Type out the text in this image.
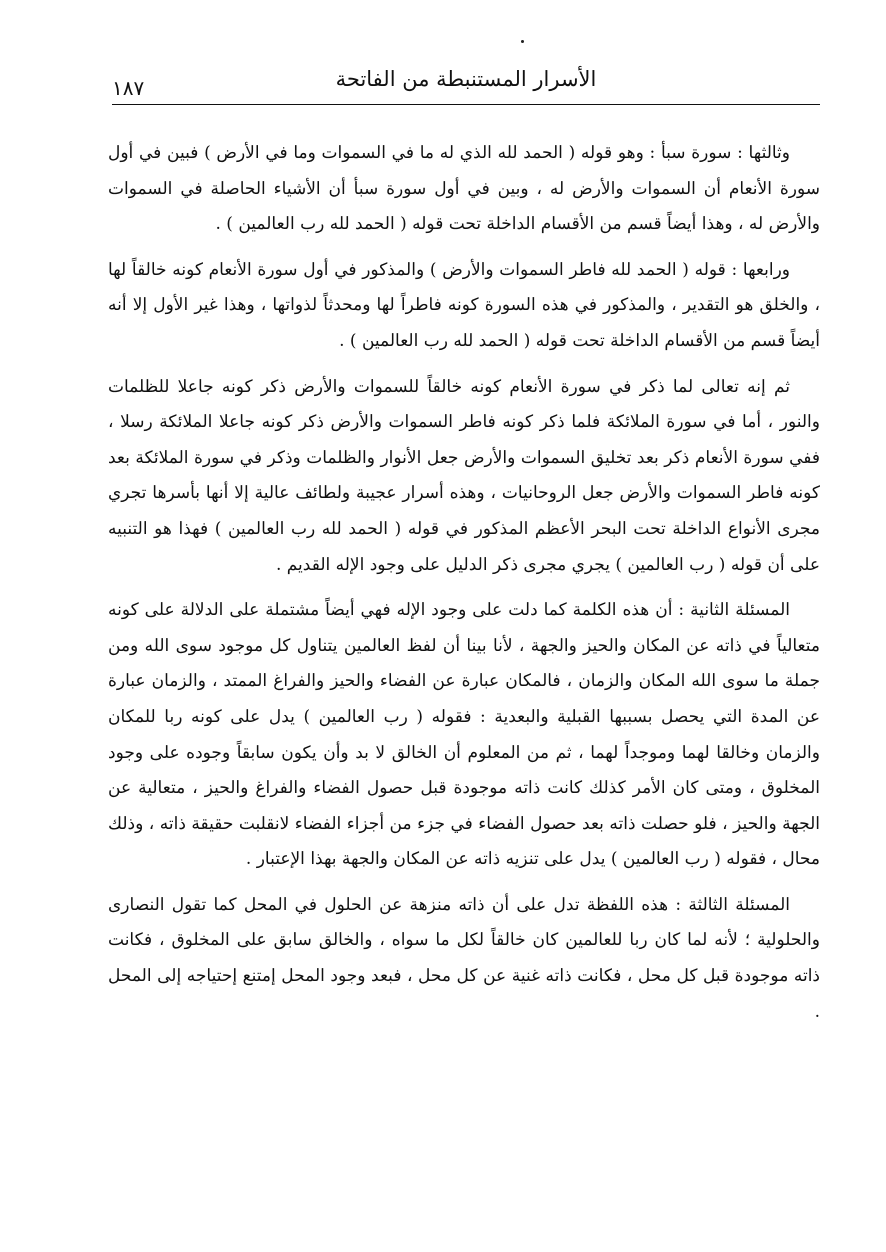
الأسرار المستنبطة من الفاتحة
١٨٧

وثالثها : سورة سبأ : وهو قوله ( الحمد لله الذي له ما في السموات وما في الأرض ) فبين في أول سورة الأنعام أن السموات والأرض له ، وبين في أول سورة سبأ أن الأشياء الحاصلة في السموات والأرض له ، وهذا أيضاً قسم من الأقسام الداخلة تحت قوله ( الحمد لله رب العالمين ) .

ورابعها : قوله ( الحمد لله فاطر السموات والأرض ) والمذكور في أول سورة الأنعام كونه خالقاً لها ، والخلق هو التقدير ، والمذكور في هذه السورة كونه فاطراً لها ومحدثاً لذواتها ، وهذا غير الأول إلا أنه أيضاً قسم من الأقسام الداخلة تحت قوله ( الحمد لله رب العالمين ) .

ثم إنه تعالى لما ذكر في سورة الأنعام كونه خالقاً للسموات والأرض ذكر كونه جاعلا للظلمات والنور ، أما في سورة الملائكة فلما ذكر كونه فاطر السموات والأرض ذكر كونه جاعلا الملائكة رسلا ، ففي سورة الأنعام ذكر بعد تخليق السموات والأرض جعل الأنوار والظلمات وذكر في سورة الملائكة بعد كونه فاطر السموات والأرض جعل الروحانيات ، وهذه أسرار عجيبة ولطائف عالية إلا أنها بأسرها تجري مجرى الأنواع الداخلة تحت البحر الأعظم المذكور في قوله ( الحمد لله رب العالمين ) فهذا هو التنبيه على أن قوله ( رب العالمين ) يجري مجرى ذكر الدليل على وجود الإله القديم .

المسئلة الثانية : أن هذه الكلمة كما دلت على وجود الإله فهي أيضاً مشتملة على الدلالة على كونه متعالياً في ذاته عن المكان والحيز والجهة ، لأنا بينا أن لفظ العالمين يتناول كل موجود سوى الله ومن جملة ما سوى الله المكان والزمان ، فالمكان عبارة عن الفضاء والحيز والفراغ الممتد ، والزمان عبارة عن المدة التي يحصل بسببها القبلية والبعدية : فقوله ( رب العالمين ) يدل على كونه ربا للمكان والزمان وخالقا لهما وموجداً لهما ، ثم من المعلوم أن الخالق لا بد وأن يكون سابقاً وجوده على وجود المخلوق ، ومتى كان الأمر كذلك كانت ذاته موجودة قبل حصول الفضاء والفراغ والحيز ، متعالية عن الجهة والحيز ، فلو حصلت ذاته بعد حصول الفضاء في جزء من أجزاء الفضاء لانقلبت حقيقة ذاته ، وذلك محال ، فقوله ( رب العالمين ) يدل على تنزيه ذاته عن المكان والجهة بهذا الإعتبار .

المسئلة الثالثة : هذه اللفظة تدل على أن ذاته منزهة عن الحلول في المحل كما تقول النصارى والحلولية ؛ لأنه لما كان ربا للعالمين كان خالقاً لكل ما سواه ، والخالق سابق على المخلوق ، فكانت ذاته موجودة قبل كل محل ، فكانت ذاته غنية عن كل محل ، فبعد وجود المحل إمتنع إحتياجه إلى المحل .
